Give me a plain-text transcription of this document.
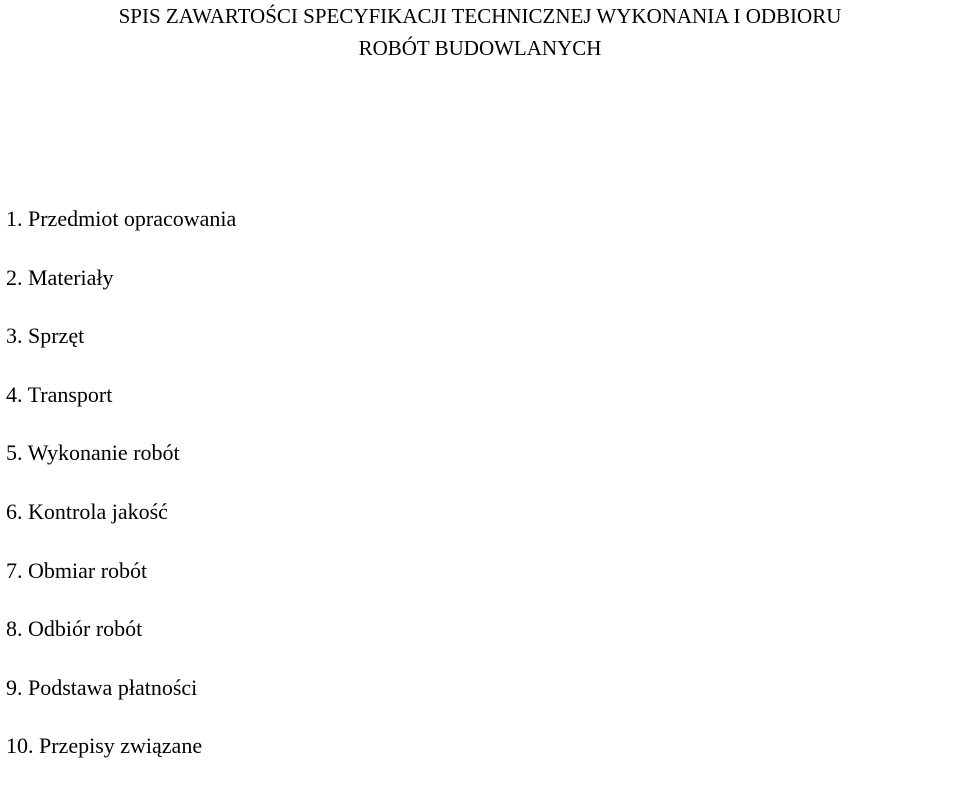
SPIS ZAWARTOŚCI SPECYFIKACJI TECHNICZNEJ WYKONANIA I ODBIORU
ROBÓT BUDOWLANYCH
1. Przedmiot opracowania
2. Materiały
3. Sprzęt
4. Transport
5. Wykonanie robót
6. Kontrola jakość
7. Obmiar robót
8. Odbiór robót
9. Podstawa płatności
10. Przepisy związane
